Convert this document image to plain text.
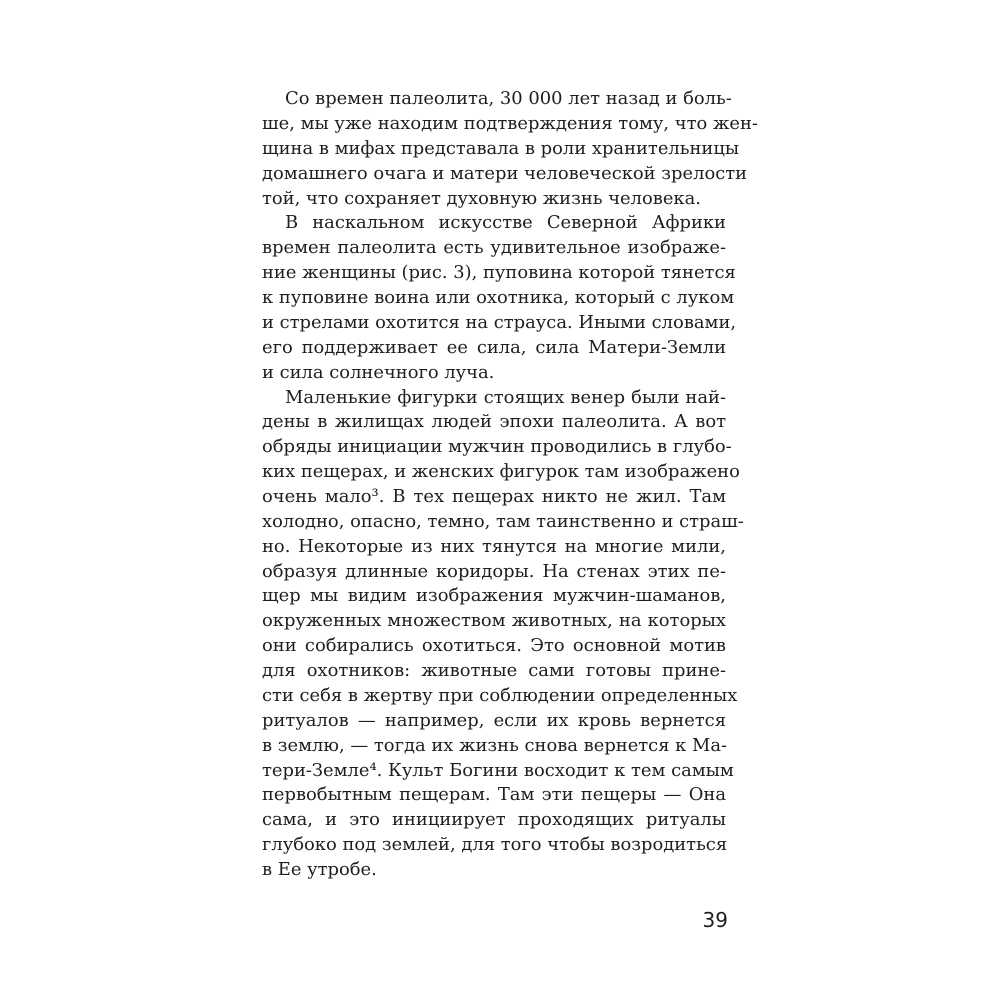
Со времен палеолита, 30 000 лет назад и боль-
ше, мы уже находим подтверждения тому, что жен-
щина в мифах представала в роли хранительницы
домашнего очага и матери человеческой зрелости
той, что сохраняет духовную жизнь человека.
В наскальном искусстве Северной Африки
времен палеолита есть удивительное изображе-
ние женщины (рис. 3), пуповина которой тянется
к пуповине воина или охотника, который с луком
и стрелами охотится на страуса. Иными словами,
его поддерживает ее сила, сила Матери-Земли
и сила солнечного луча.
Маленькие фигурки стоящих венер были най-
дены в жилищах людей эпохи палеолита. А вот
обряды инициации мужчин проводились в глубо-
ких пещерах, и женских фигурок там изображено
очень мало³. В тех пещерах никто не жил. Там
холодно, опасно, темно, там таинственно и страш-
но. Некоторые из них тянутся на многие мили,
образуя длинные коридоры. На стенах этих пе-
щер мы видим изображения мужчин-шаманов,
окруженных множеством животных, на которых
они собирались охотиться. Это основной мотив
для охотников: животные сами готовы прине-
сти себя в жертву при соблюдении определенных
ритуалов — например, если их кровь вернется
в землю, — тогда их жизнь снова вернется к Ма-
тери-Земле⁴. Культ Богини восходит к тем самым
первобытным пещерам. Там эти пещеры — Она
сама, и это инициирует проходящих ритуалы
глубоко под землей, для того чтобы возродиться
в Ее утробе.
39
